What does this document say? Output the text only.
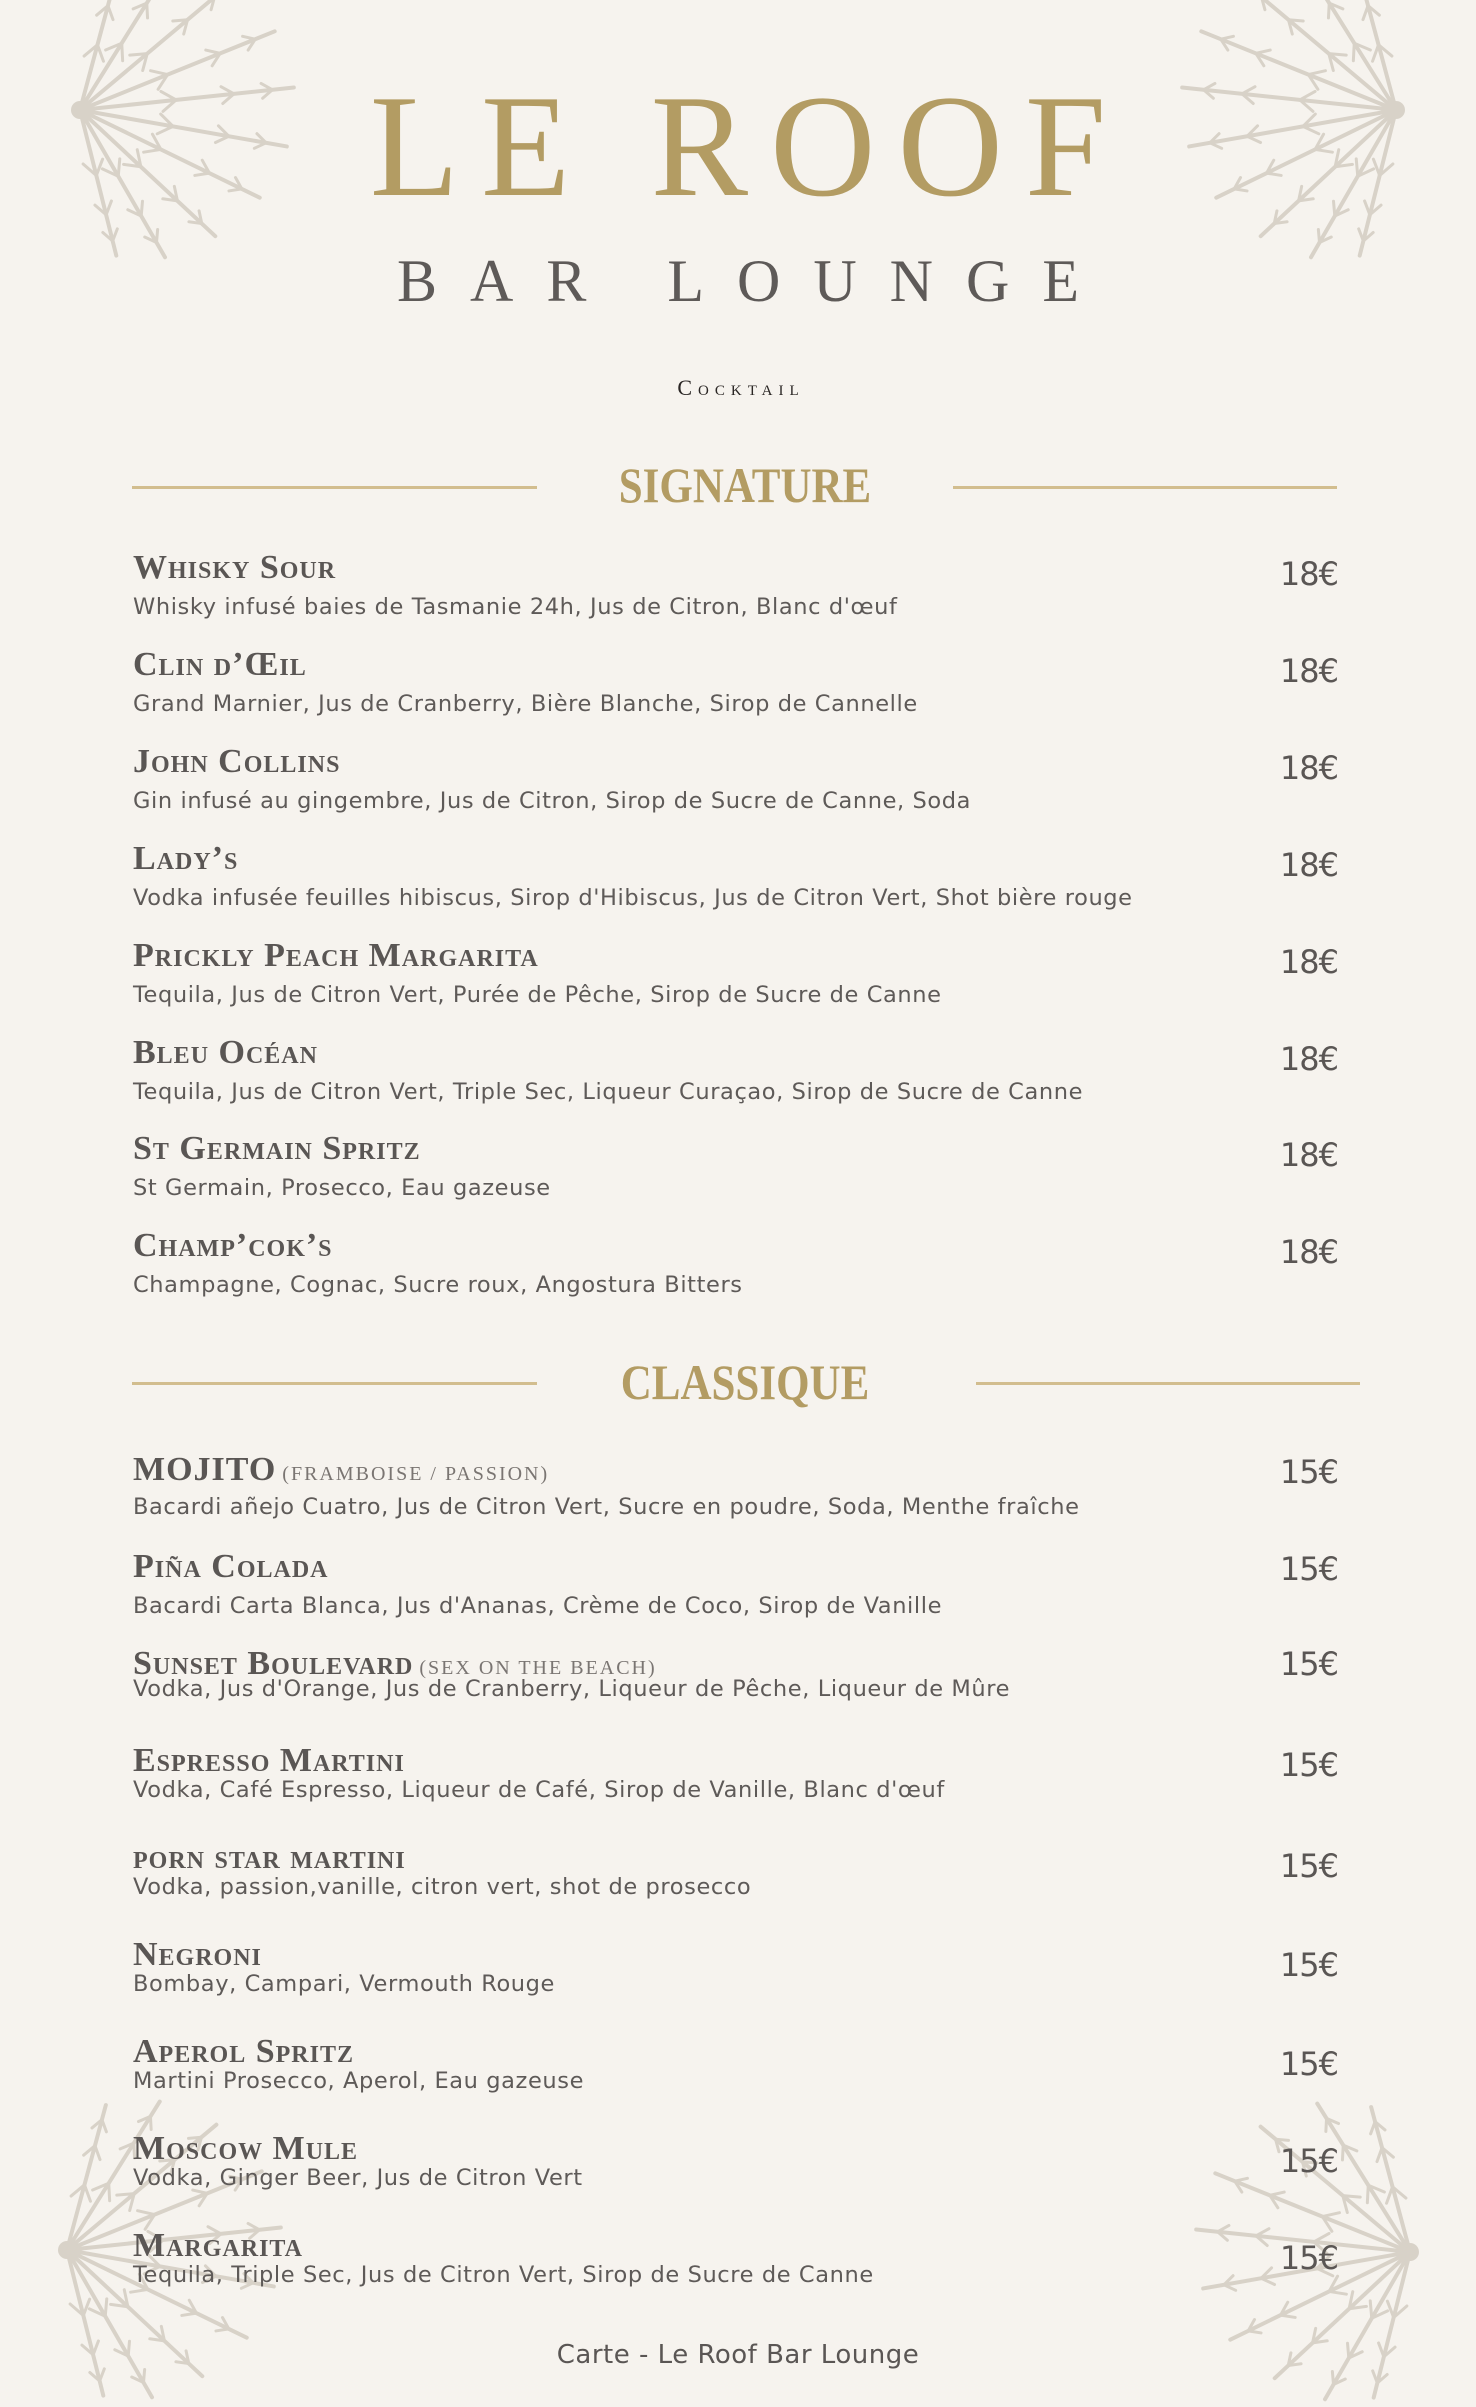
LE ROOF
BAR LOUNGE
Cocktail
SIGNATURE
Whisky Sour
Whisky infusé baies de Tasmanie 24h, Jus de Citron, Blanc d'œuf
18€
Clin d’Œil
Grand Marnier, Jus de Cranberry, Bière Blanche, Sirop de Cannelle
18€
John Collins
Gin infusé au gingembre, Jus de Citron, Sirop de Sucre de Canne, Soda
18€
Lady’s
Vodka infusée feuilles hibiscus, Sirop d'Hibiscus, Jus de Citron Vert, Shot bière rouge
18€
Prickly Peach Margarita
Tequila, Jus de Citron Vert, Purée de Pêche, Sirop de Sucre de Canne
18€
Bleu Océan
Tequila, Jus de Citron Vert, Triple Sec, Liqueur Curaçao, Sirop de Sucre de Canne
18€
St Germain Spritz
St Germain, Prosecco, Eau gazeuse
18€
Champ’cok’s
Champagne, Cognac, Sucre roux, Angostura Bitters
18€
CLASSIQUE
MOJITO (FRAMBOISE / PASSION)
Bacardi añejo Cuatro, Jus de Citron Vert, Sucre en poudre, Soda, Menthe fraîche
15€
Piña Colada
Bacardi Carta Blanca, Jus d'Ananas, Crème de Coco, Sirop de Vanille
15€
Sunset Boulevard (SEX ON THE BEACH)
Vodka, Jus d'Orange, Jus de Cranberry, Liqueur de Pêche, Liqueur de Mûre
15€
Espresso Martini
Vodka, Café Espresso, Liqueur de Café, Sirop de Vanille, Blanc d'œuf
15€
porn star martini
Vodka, passion,vanille, citron vert, shot de prosecco
15€
Negroni
Bombay, Campari, Vermouth Rouge	15€
Aperol Spritz
Martini Prosecco, Aperol, Eau gazeuse	15€
Moscow Mule
Vodka, Ginger Beer, Jus de Citron Vert	15€
Margarita
Tequila, Triple Sec, Jus de Citron Vert, Sirop de Sucre de Canne	15€
Carte - Le Roof Bar Lounge
